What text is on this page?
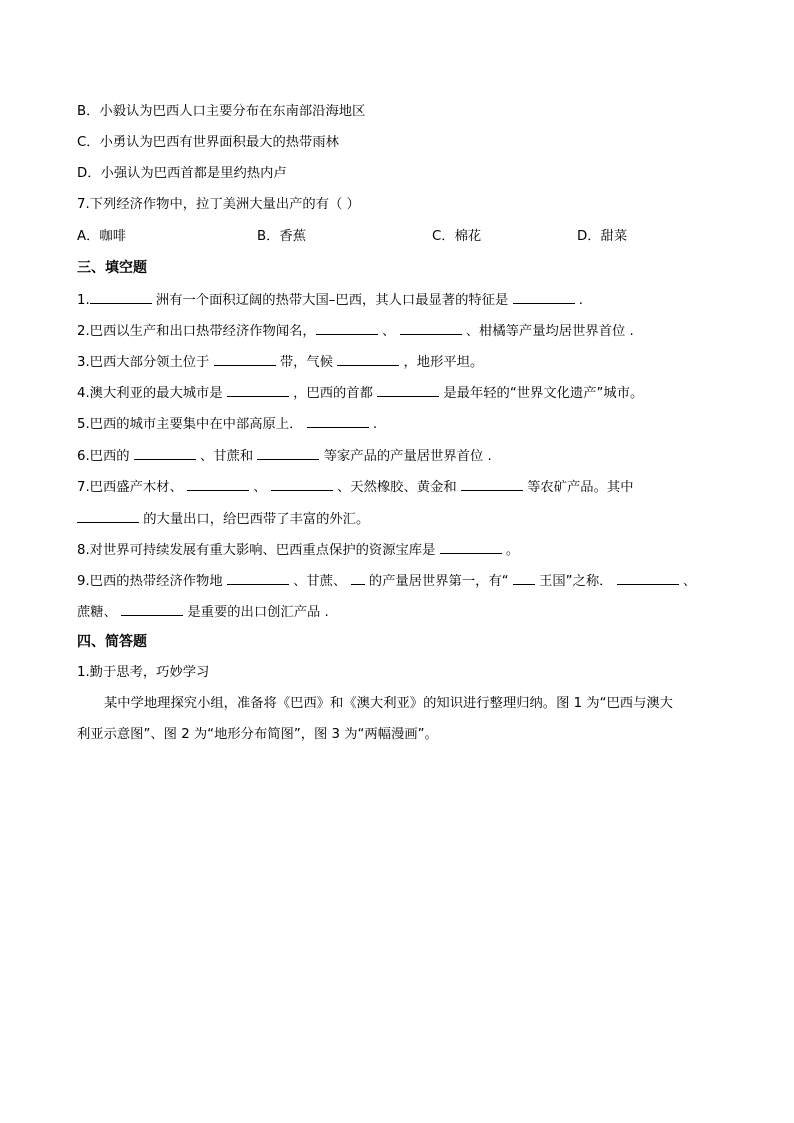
B．小毅认为巴西人口主要分布在东南部沿海地区
C．小勇认为巴西有世界面积最大的热带雨林
D．小强认为巴西首都是里约热内卢
7.下列经济作物中，拉丁美洲大量出产的有（ ）
A．咖啡	B．香蕉	C．棉花	D．甜菜
三、填空题
1.	洲有一个面积辽阔的热带大国–巴西，其人口最显著的特征是	.
2.巴西以生产和出口热带经济作物闻名，	、	、柑橘等产量均居世界首位 .
3.巴西大部分领土位于	带，气候	，地形平坦。
4.澳大利亚的最大城市是	，巴西的首都	是最年轻的“世界文化遗产”城市。
5.巴西的城市主要集中在中部高原上．	.
6.巴西的	、甘蔗和	等家产品的产量居世界首位 .
7.巴西盛产木材、	、	、天然橡胶、黄金和	等农矿产品。其中
的大量出口，给巴西带了丰富的外汇。
8.对世界可持续发展有重大影响、巴西重点保护的资源宝库是	。
9.巴西的热带经济作物地	、甘蔗、  的产量居世界第一，有“  王国”之称．	、
蔗糖、	是重要的出口创汇产品 .
四、简答题
1.勤于思考，巧妙学习
某中学地理探究小组，准备将《巴西》和《澳大利亚》的知识进行整理归纳。图 1 为“巴西与澳大
利亚示意图”、图 2 为“地形分布简图”，图 3 为“两幅漫画”。
